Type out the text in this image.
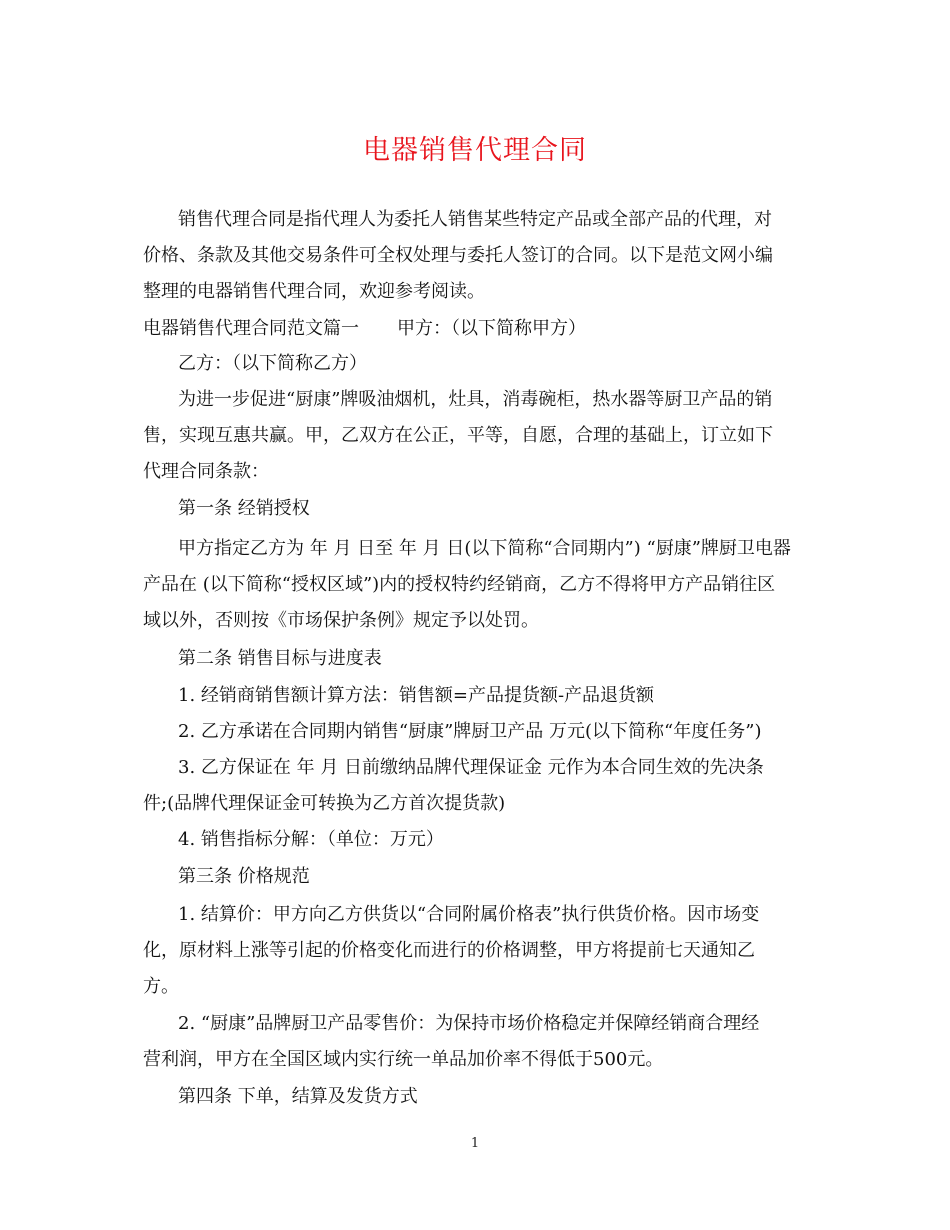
电器销售代理合同
销售代理合同是指代理人为委托人销售某些特定产品或全部产品的代理，对
价格、条款及其他交易条件可全权处理与委托人签订的合同。以下是范文网小编
整理的电器销售代理合同，欢迎参考阅读。
电器销售代理合同范文篇一 甲方：（以下简称甲方）
乙方：（以下简称乙方）
为进一步促进“厨康”牌吸油烟机，灶具，消毒碗柜，热水器等厨卫产品的销
售，实现互惠共赢。甲，乙双方在公正，平等，自愿，合理的基础上，订立如下
代理合同条款：
第一条 经销授权
甲方指定乙方为 年 月 日至 年 月 日(以下简称“合同期内”) “厨康”牌厨卫电器
产品在 (以下简称“授权区域”)内的授权特约经销商，乙方不得将甲方产品销往区
域以外，否则按《市场保护条例》规定予以处罚。
第二条 销售目标与进度表
1. 经销商销售额计算方法：销售额=产品提货额-产品退货额
2. 乙方承诺在合同期内销售“厨康”牌厨卫产品 万元(以下简称“年度任务”)
3. 乙方保证在 年 月 日前缴纳品牌代理保证金 元作为本合同生效的先决条
件;(品牌代理保证金可转换为乙方首次提货款)
4. 销售指标分解：（单位：万元）
第三条 价格规范
1. 结算价：甲方向乙方供货以“合同附属价格表”执行供货价格。因市场变
化，原材料上涨等引起的价格变化而进行的价格调整，甲方将提前七天通知乙
方。
2. “厨康”品牌厨卫产品零售价：为保持市场价格稳定并保障经销商合理经
营利润，甲方在全国区域内实行统一单品加价率不得低于500元。
第四条 下单，结算及发货方式
1
